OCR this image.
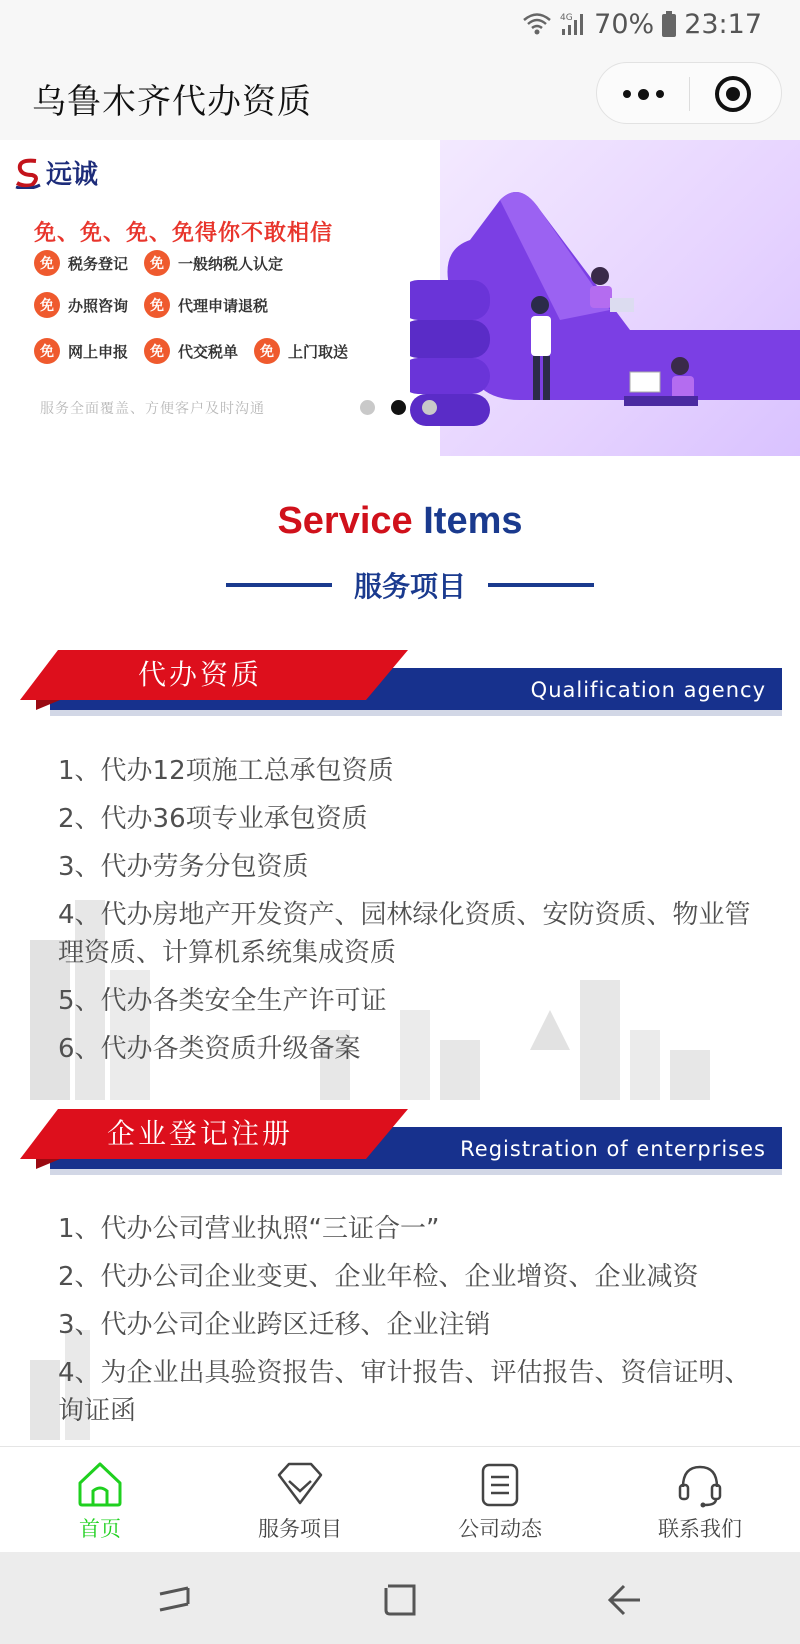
4G 70% 23:17
乌鲁木齐代办资质
远诚
免、免、免、免得你不敢相信
免 税务登记	免 一般纳税人认定
免 办照咨询	免 代理申请退税
免 网上申报	免 代交税单	免 上门取送
服务全面覆盖、方便客户及时沟通
Service Items
服务项目
代办资质	Qualification agency
1、代办12项施工总承包资质
2、代办36项专业承包资质
3、代办劳务分包资质
4、代办房地产开发资产、园林绿化资质、安防资质、物业管理资质、计算机系统集成资质
5、代办各类安全生产许可证
6、代办各类资质升级备案
企业登记注册	Registration of enterprises
1、代办公司营业执照“三证合一”
2、代办公司企业变更、企业年检、企业增资、企业减资
3、代办公司企业跨区迁移、企业注销
4、为企业出具验资报告、审计报告、评估报告、资信证明、询证函
首页	服务项目	公司动态	联系我们
